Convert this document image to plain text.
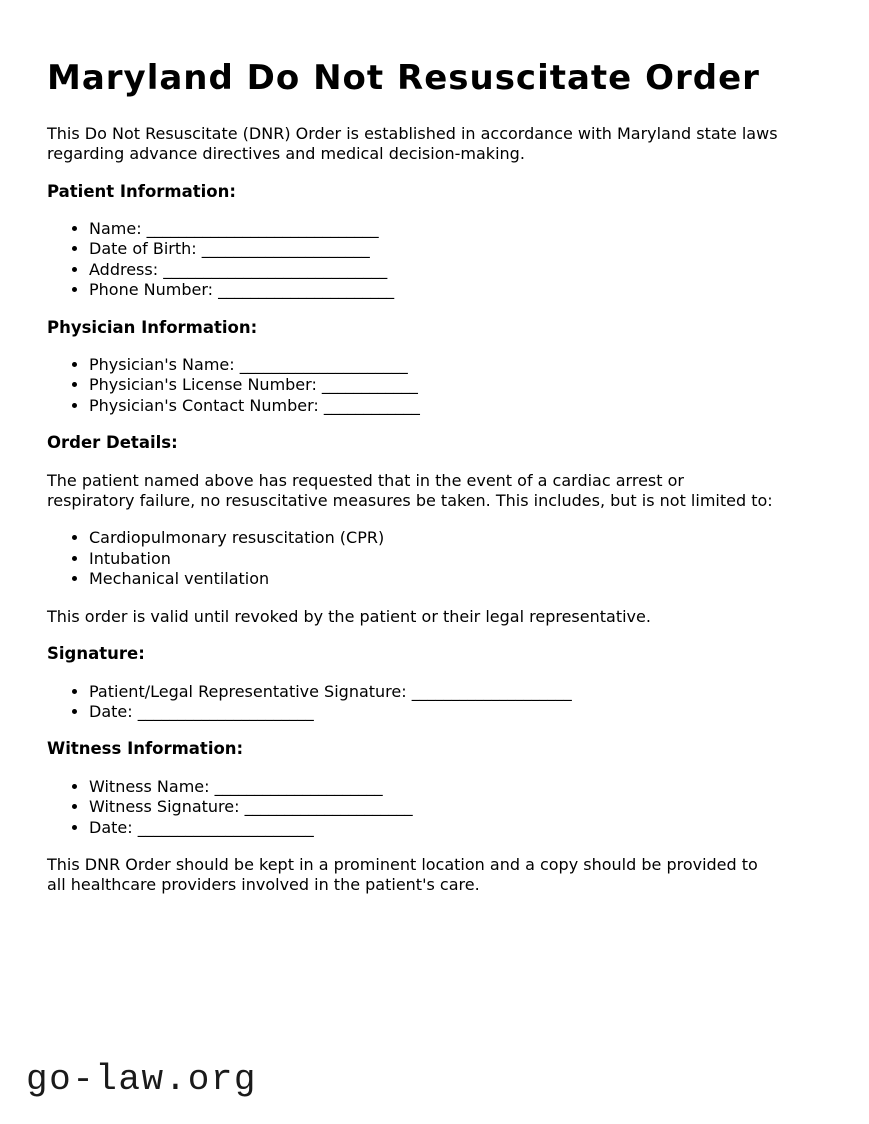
Maryland Do Not Resuscitate Order

This Do Not Resuscitate (DNR) Order is established in accordance with Maryland state laws
regarding advance directives and medical decision-making.

Patient Information:
• Name: _____________________________
• Date of Birth: _____________________
• Address: ____________________________
• Phone Number: ______________________
Physician Information:
• Physician's Name: _____________________
• Physician's License Number: ____________
• Physician's Contact Number: ____________
Order Details:

The patient named above has requested that in the event of a cardiac arrest or
respiratory failure, no resuscitative measures be taken. This includes, but is not limited to:

• Cardiopulmonary resuscitation (CPR)
• Intubation
• Mechanical ventilation

This order is valid until revoked by the patient or their legal representative.

Signature:
• Patient/Legal Representative Signature: ____________________
• Date: ______________________
Witness Information:
• Witness Name: _____________________
• Witness Signature: _____________________
• Date: ______________________

This DNR Order should be kept in a prominent location and a copy should be provided to
all healthcare providers involved in the patient's care.

go-law.org
